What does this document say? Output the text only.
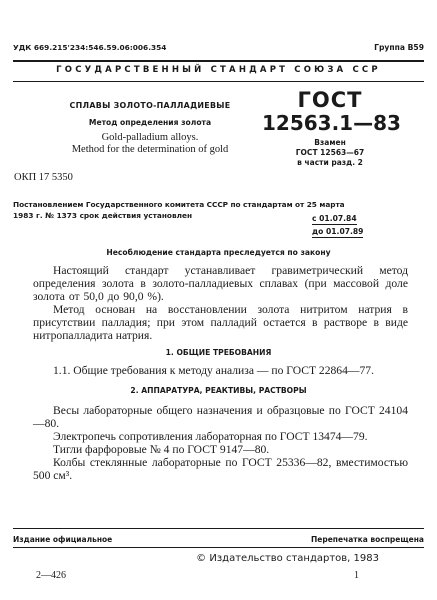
УДК 669.215'234:546.59.06:006.354	Группа В59
ГОСУДАРСТВЕННЫЙ СТАНДАРТ СОЮЗА ССР
СПЛАВЫ ЗОЛОТО-ПАЛЛАДИЕВЫЕ
Метод определения золота
Gold-palladium alloys.
Method for the determination of gold
ГОСТ
12563.1—83
Взамен
ГОСТ 12563—67
в части разд. 2
ОКП 17 5350
Постановлением Государственного комитета СССР по стандартам от 25 марта
1983 г. № 1373 срок действия установлен	с 01.07.84
до 01.07.89
Несоблюдение стандарта преследуется по закону

Настоящий стандарт устанавливает гравиметрический метод определения золота в золото-палладиевых сплавах (при массовой доле золота от 50,0 до 90,0 %).

Метод основан на восстановлении золота нитритом натрия в присутствии палладия; при этом палладий остается в растворе в виде нитропалладита натрия.

1. ОБЩИЕ ТРЕБОВАНИЯ

1.1. Общие требования к методу анализа — по ГОСТ 22864—77.

2. АППАРАТУРА, РЕАКТИВЫ, РАСТВОРЫ

Весы лабораторные общего назначения и образцовые по ГОСТ 24104—80.

Электропечь сопротивления лабораторная по ГОСТ 13474—79.

Тигли фарфоровые № 4 по ГОСТ 9147—80.

Колбы стеклянные лабораторные по ГОСТ 25336—82, вместимостью 500 см³.

Издание официальное	Перепечатка воспрещена
© Издательство стандартов, 1983
2—426	1
